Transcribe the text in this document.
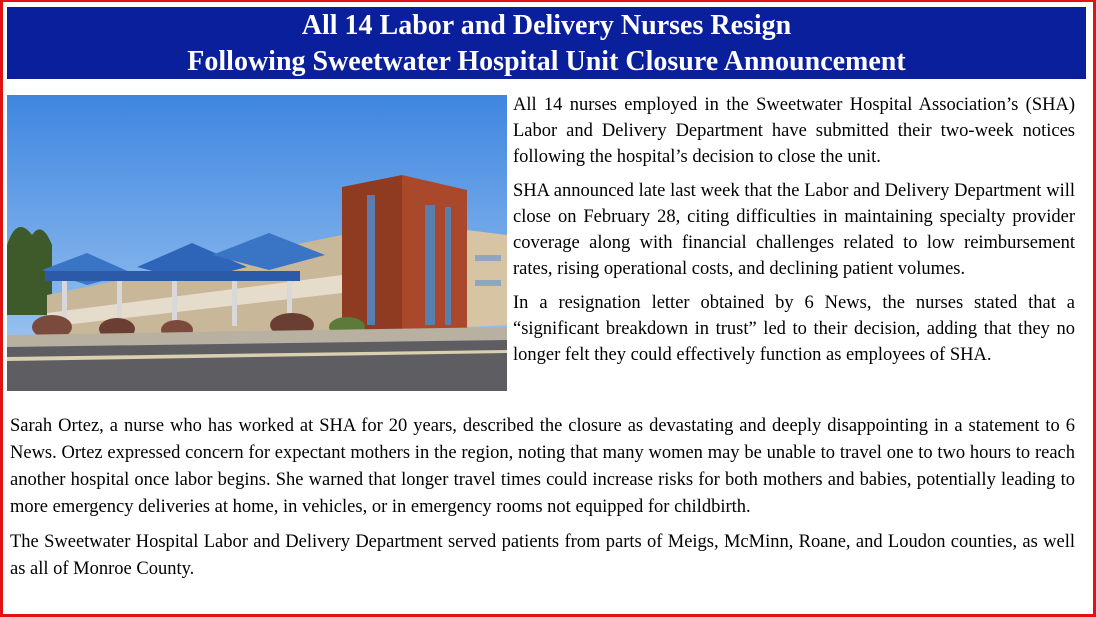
All 14 Labor and Delivery Nurses Resign
Following Sweetwater Hospital Unit Closure Announcement

All 14 nurses employed in the Sweetwater Hospital Association’s (SHA) Labor and Delivery Department have submitted their two-week notices following the hospital’s decision to close the unit.

SHA announced late last week that the Labor and Delivery Department will close on February 28, citing difficulties in maintaining specialty provider coverage along with financial challenges related to low reimbursement rates, rising operational costs, and declining patient volumes.

In a resignation letter obtained by 6 News, the nurses stated that a “significant breakdown in trust” led to their decision, adding that they no longer felt they could effectively function as employees of SHA.

Sarah Ortez, a nurse who has worked at SHA for 20 years, described the closure as devastating and deeply disappointing in a statement to 6 News. Ortez expressed concern for expectant mothers in the region, noting that many women may be unable to travel one to two hours to reach another hospital once labor begins. She warned that longer travel times could increase risks for both mothers and babies, potentially leading to more emergency deliveries at home, in vehicles, or in emergency rooms not equipped for childbirth.

The Sweetwater Hospital Labor and Delivery Department served patients from parts of Meigs, McMinn, Roane, and Loudon counties, as well as all of Monroe County.
